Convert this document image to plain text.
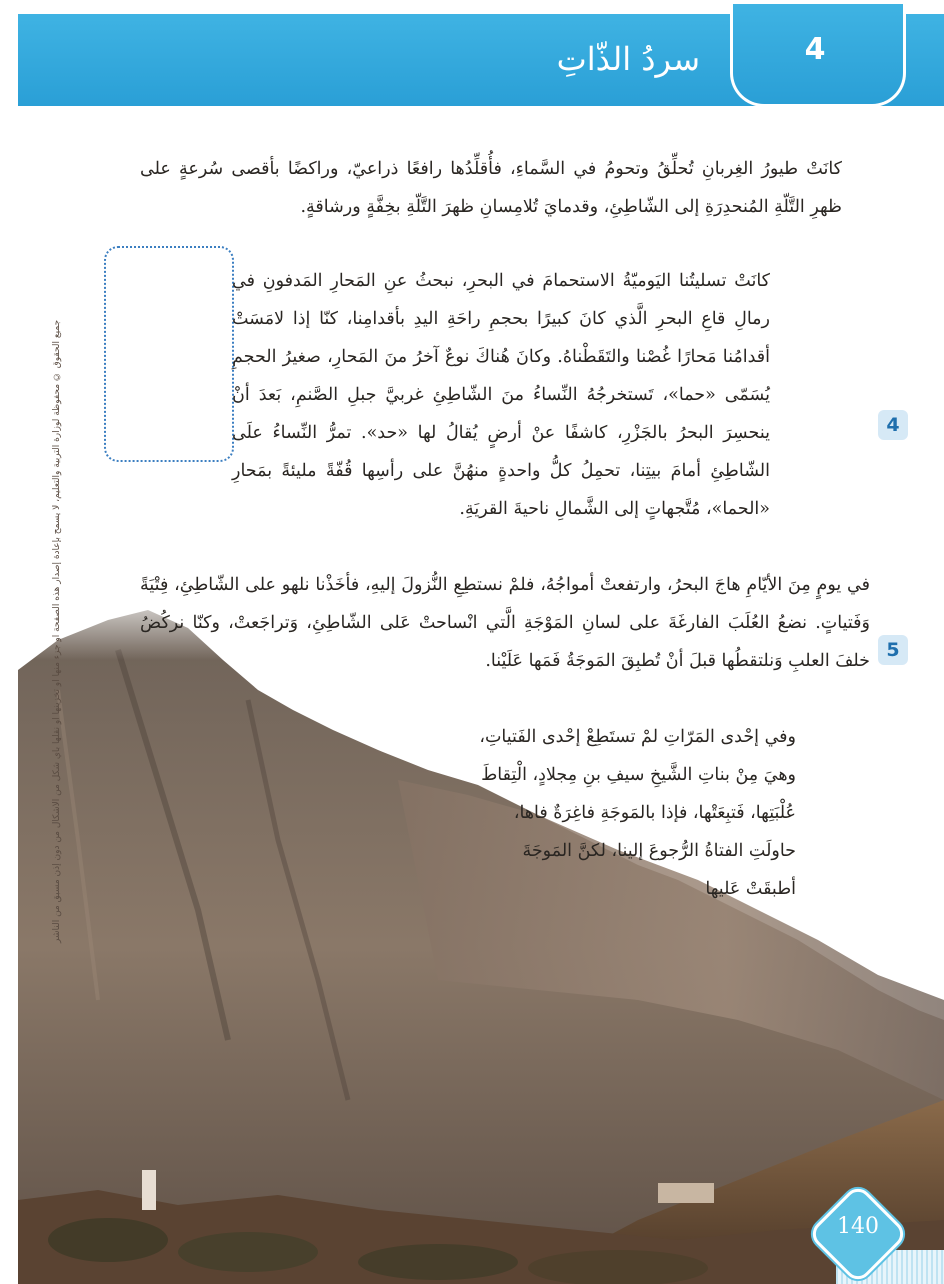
4
سردُ الذّاتِ
جميع الحقوق © محفوظة لوزارة التربية والتعليم، لا يسمح بإعادة إصدار هذه الصفحة أو جزء منها أو تخزينها أو نقلها بأي شكل من الأشكال من دون إذن مسبق من الناشر

كانَتْ طيورُ الغِربانِ تُحلِّقُ وتحومُ في السَّماءِ، فأُقلِّدُها رافعًا ذراعيّ، وراكضًا بأقصى سُرعةٍ على ظهرِ التَّلّةِ المُنحدِرَةِ إلى الشّاطِئِ، وقدمايَ تُلامِسانِ ظهرَ التَّلّةِ بخِفَّةٍ ورشاقةٍ.

كانَتْ تسليتُنا اليَوميّةُ الاستحمامَ في البحرِ، نبحثُ عنِ المَحارِ المَدفونِ في رمالِ قاعِ البحرِ الَّذي كانَ كبيرًا بحجمِ راحَةِ اليدِ بأقدامِنا، كنّا إذا لامَسَتْ أقدامُنا مَحارًا غُصْنا والتَقَطْناهُ. وكانَ هُناكَ نوعٌ آخرُ منَ المَحارِ، صغيرُ الحجمِ يُسَمّى «حما»، تَستخرجُهُ النِّساءُ منَ الشّاطِئِ غربيَّ جبلِ الصَّنمِ، بَعدَ أنْ ينحسِرَ البحرُ بالجَزْرِ، كاشفًا عنْ أرضٍ يُقالُ لها «حد». تمرُّ النِّساءُ علَى الشّاطِئِ أمامَ بيتِنا، تحمِلُ كلُّ واحدةٍ منهُنَّ على رأسِها قُفّةً مليئةً بمَحارِ «الحما»، مُتَّجهاتٍ إلى الشَّمالِ ناحيةَ القريَةِ.

4

في يومٍ مِنَ الأيّامِ هاجَ البحرُ، وارتفعتْ أمواجُهُ، فلمْ نستطِعِ النُّزولَ إليهِ، فأخَذْنا نلهو على الشّاطِئِ، فِتْيَةً وَفَتياتٍ. نضعُ العُلَبَ الفارغَةَ على لسانِ المَوْجَةِ الَّتي انْساحتْ عَلى الشّاطِئِ، وَتراجَعتْ، وكنّا نركُضُ خلفَ العلبِ وَنلتقطُها قبلَ أنْ تُطبِقَ المَوجَةُ فَمَها عَلَيْنا. 5

وفي إحْدى المَرّاتِ لمْ تستَطِعْ إحْدى الفَتياتِ، وهيَ مِنْ بناتِ الشَّيخِ سيفِ بنِ مِجلادٍ، الْتِقاطَ عُلْبَتِها، فَتبِعَتْها، فإذا بالمَوجَةِ فاغِرَةٌ فاها، حاولَتِ الفتاةُ الرُّجوعَ إلينا، لكنَّ المَوجَةَ أطبقَتْ عَليها

140
